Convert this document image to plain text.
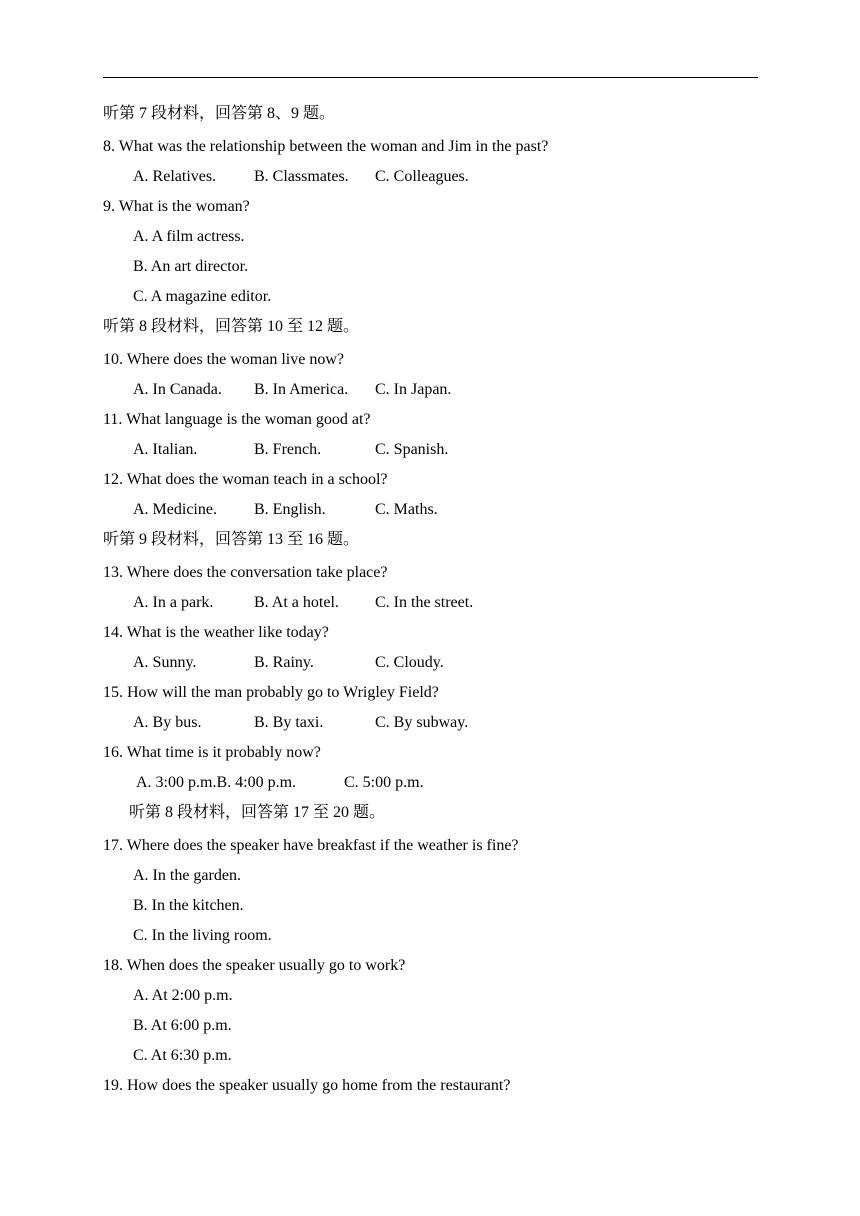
听第 7 段材料，回答第 8、9 题。
8. What was the relationship between the woman and Jim in the past?
A. Relatives. B. Classmates. C. Colleagues.
9. What is the woman?
A. A film actress.
B. An art director.
C. A magazine editor.
听第 8 段材料，回答第 10 至 12 题。
10. Where does the woman live now?
A. In Canada. B. In America. C. In Japan.
11. What language is the woman good at?
A. Italian.	B. French.	C. Spanish.
12. What does the woman teach in a school?
A. Medicine. B. English.	C. Maths.
听第 9 段材料，回答第 13 至 16 题。
13. Where does the conversation take place?
A. In a park.	B. At a hotel. C. In the street.
14. What is the weather like today?
A. Sunny.	B. Rainy.	C. Cloudy.
15. How will the man probably go to Wrigley Field?
A. By bus.	B. By taxi.	C. By subway.
16. What time is it probably now?
A. 3:00 p.m.B. 4:00 p.m.	C. 5:00 p.m.
听第 8 段材料，回答第 17 至 20 题。
17. Where does the speaker have breakfast if the weather is fine?
A. In the garden.
B. In the kitchen.
C. In the living room.
18. When does the speaker usually go to work?
A. At 2:00 p.m.
B. At 6:00 p.m.
C. At 6:30 p.m.
19. How does the speaker usually go home from the restaurant?
